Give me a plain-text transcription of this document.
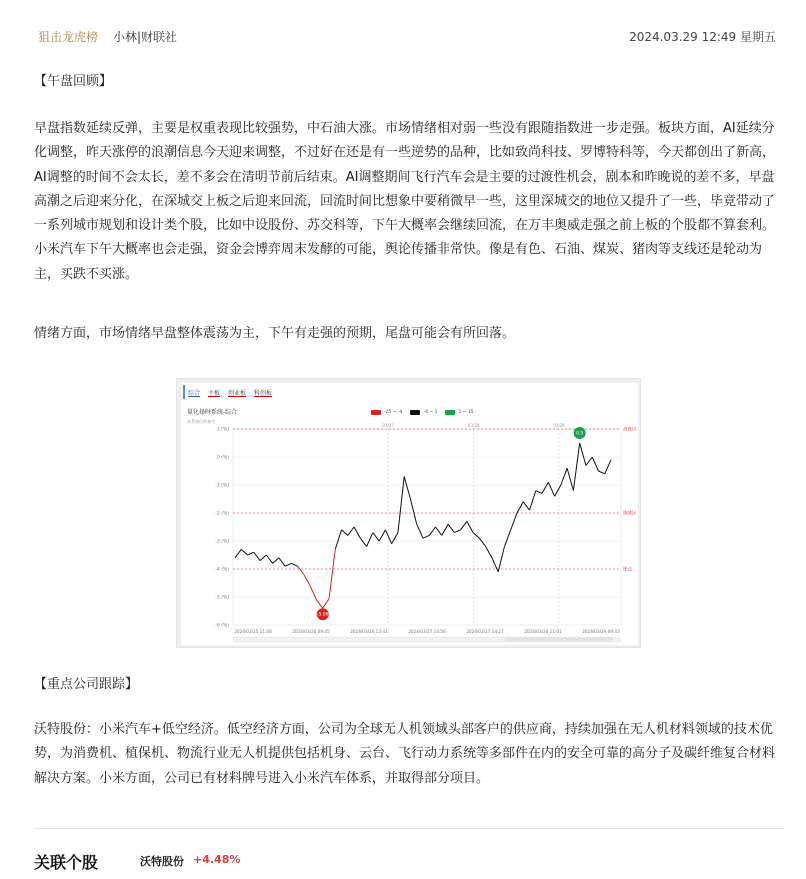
狙击龙虎榜 小林|财联社	2024.03.29 12:49 星期五
【午盘回顾】

早盘指数延续反弹，主要是权重表现比较强势，中石油大涨。市场情绪相对弱一些没有跟随指数进一步走强。板块方面，AI延续分化调整，昨天涨停的浪潮信息今天迎来调整，不过好在还是有一些逆势的品种，比如致尚科技、罗博特科等，今天都创出了新高，AI调整的时间不会太长，差不多会在清明节前后结束。AI调整期间飞行汽车会是主要的过渡性机会，剧本和昨晚说的差不多，早盘高潮之后迎来分化，在深城交上板之后迎来回流，回流时间比想象中要稍微早一些，这里深城交的地位又提升了一些，毕竟带动了一系列城市规划和设计类个股，比如中设股份、苏交科等，下午大概率会继续回流，在万丰奥威走强之前上板的个股都不算套利。小米汽车下午大概率也会走强，资金会博弈周末发酵的可能，舆论传播非常快。像是有色、石油、煤炭、猪肉等支线还是轮动为主，买跌不买涨。

情绪方面，市场情绪早盘整体震荡为主，下午有走强的预期，尾盘可能会有所回落。

综合 主板 创业板 科创板
量化择时系统-综合
本系统仅供参考
-25 ~ -4	-4 ~ 1	1 ~ 15
1 (%)
0 (%)
-1 (%)
-2 (%)
-3 (%)
-4 (%)
-5 (%)
-6 (%)
03/27	03/28	03/29
高度区
情绪区
冰点
2024/03/25 11:08	2024/03/26 09:45	2024/03/26 13:41	2024/03/27 10:56	2024/03/27 14:27	2024/03/28 11:01	2024/03/29 09:43
-5.06
0.5
【重点公司跟踪】

沃特股份：小米汽车+低空经济。低空经济方面，公司为全球无人机领域头部客户的供应商，持续加强在无人机材料领域的技术优势，为消费机、植保机、物流行业无人机提供包括机身、云台、飞行动力系统等多部件在内的安全可靠的高分子及碳纤维复合材料解决方案。小米方面，公司已有材料牌号进入小米汽车体系，并取得部分项目。

关联个股	沃特股份 +4.48%
